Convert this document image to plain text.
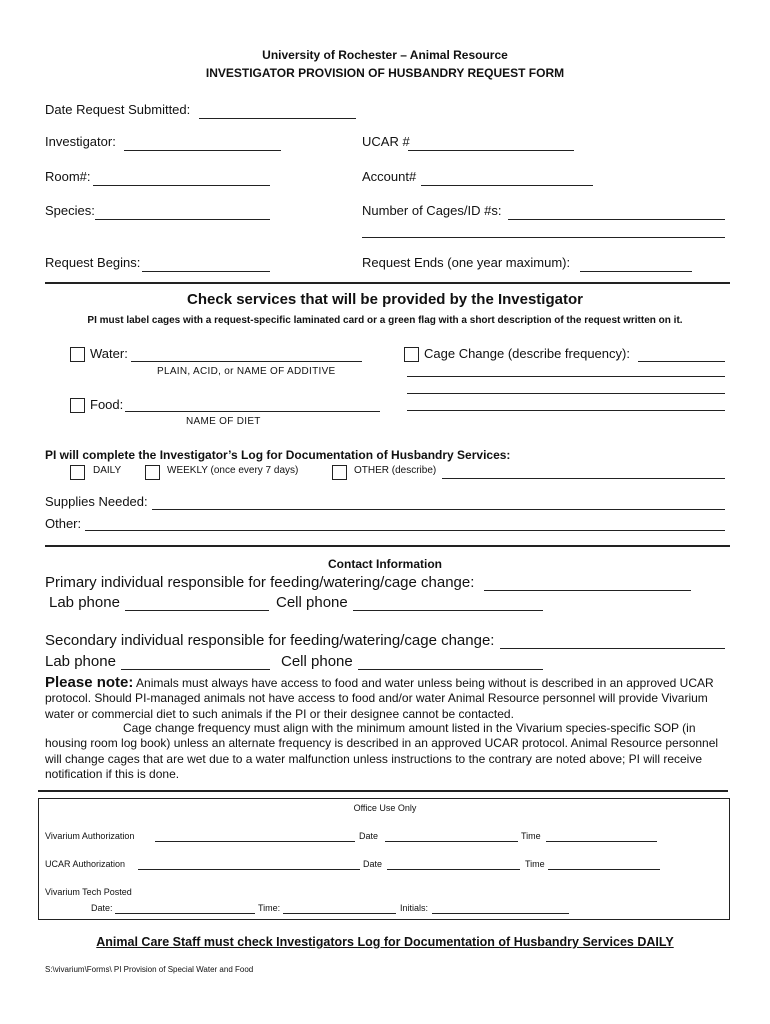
University of Rochester – Animal Resource
INVESTIGATOR PROVISION OF HUSBANDRY REQUEST FORM
Date Request Submitted:
Investigator:	UCAR #
Room#:	Account#
Species:	Number of Cages/ID #s:
Request Begins:	Request Ends (one year maximum):
Check services that will be provided by the Investigator
PI must label cages with a request-specific laminated card or a green flag with a short description of the request written on it.
Water:
PLAIN, ACID, or NAME OF ADDITIVE
Cage Change (describe frequency):
Food:
NAME OF DIET
PI will complete the Investigator’s Log for Documentation of Husbandry Services:
DAILY	WEEKLY (once every 7 days)	OTHER (describe)
Supplies Needed:
Other:
Contact Information
Primary individual responsible for feeding/watering/cage change:
Lab phone	Cell phone
Secondary individual responsible for feeding/watering/cage change:
Lab phone	Cell phone
Please note: Animals must always have access to food and water unless being without is described in an approved UCAR protocol. Should PI-managed animals not have access to food and/or water Animal Resource personnel will provide Vivarium water or commercial diet to such animals if the PI or their designee cannot be contacted.
Cage change frequency must align with the minimum amount listed in the Vivarium species-specific SOP (in housing room log book) unless an alternate frequency is described in an approved UCAR protocol. Animal Resource personnel will change cages that are wet due to a water malfunction unless instructions to the contrary are noted above; PI will receive notification if this is done.
Office Use Only
Vivarium Authorization	Date	Time
UCAR Authorization	Date	Time
Vivarium Tech Posted
Date:	Time:	Initials:
Animal Care Staff must check Investigators Log for Documentation of Husbandry Services DAILY
S:\vivarium\Forms\ PI Provision of Special Water and Food
